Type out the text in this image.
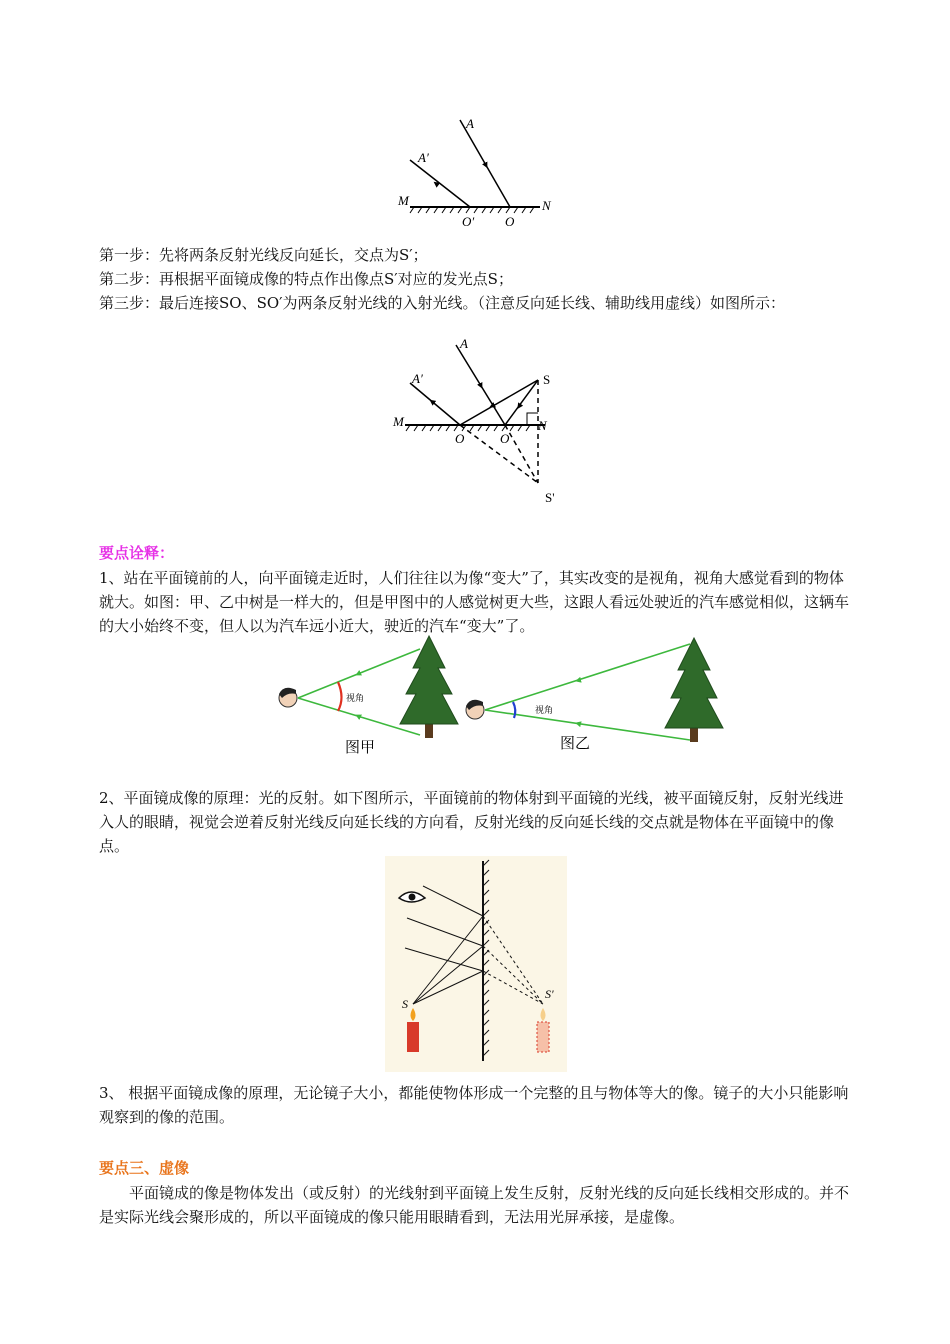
A
A′
M	N
O′ O
第一步：先将两条反射光线反向延长，交点为S′；
第二步：再根据平面镜成像的特点作出像点S′对应的发光点S；
第三步：最后连接SO、SO′为两条反射光线的入射光线。（注意反向延长线、辅助线用虚线）如图所示：
A
A′
M	N
O	O
S
S'
要点诠释：
1、站在平面镜前的人，向平面镜走近时，人们往往以为像“变大”了，其实改变的是视角，视角大感觉看到的物体就大。如图：甲、乙中树是一样大的，但是甲图中的人感觉树更大些，这跟人看远处驶近的汽车感觉相似，这辆车的大小始终不变，但人以为汽车远小近大，驶近的汽车“变大”了。
视角
图甲
视角
图乙
2、平面镜成像的原理：光的反射。如下图所示，平面镜前的物体射到平面镜的光线，被平面镜反射，反射光线进入人的眼睛，视觉会逆着反射光线反向延长线的方向看，反射光线的反向延长线的交点就是物体在平面镜中的像点。
S
S'
3、 根据平面镜成像的原理，无论镜子大小，都能使物体形成一个完整的且与物体等大的像。镜子的大小只能影响观察到的像的范围。
要点三、虚像
平面镜成的像是物体发出（或反射）的光线射到平面镜上发生反射，反射光线的反向延长线相交形成的。并不是实际光线会聚形成的，所以平面镜成的像只能用眼睛看到，无法用光屏承接，是虚像。
